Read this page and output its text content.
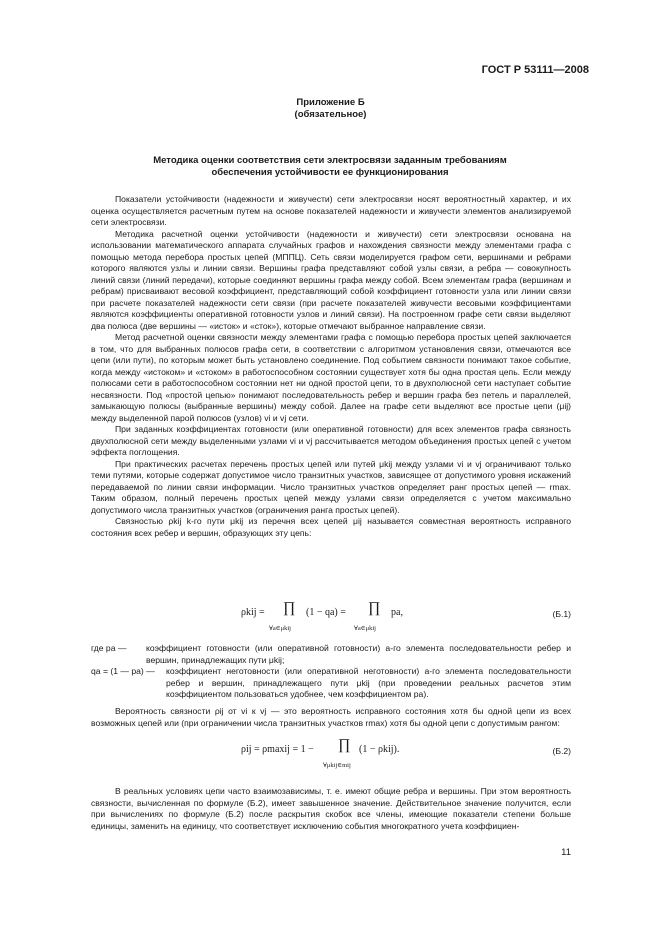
ГОСТ Р 53111—2008
Приложение Б
(обязательное)
Методика оценки соответствия сети электросвязи заданным требованиям
обеспечения устойчивости ее функционирования

Показатели устойчивости (надежности и живучести) сети электросвязи носят вероятностный характер, и их оценка осуществляется расчетным путем на основе показателей надежности и живучести элементов анализируемой сети электросвязи.

Методика расчетной оценки устойчивости (надежности и живучести) сети электросвязи основана на использовании математического аппарата случайных графов и нахождения связности между элементами графа с помощью метода перебора простых цепей (МППЦ). Сеть связи моделируется графом сети, вершинами и ребрами которого являются узлы и линии связи. Вершины графа представляют собой узлы связи, а ребра — совокупность линий связи (линий передачи), которые соединяют вершины графа между собой. Всем элементам графа (вершинам и ребрам) присваивают весовой коэффициент, представляющий собой коэффициент готовности узла или линии связи при расчете показателей надежности сети связи (при расчете показателей живучести весовыми коэффициентами являются коэффициенты оперативной готовности узлов и линий связи). На построенном графе сети связи выделяют два полюса (две вершины — «исток» и «сток»), которые отмечают выбранное направление связи.

Метод расчетной оценки связности между элементами графа с помощью перебора простых цепей заключается в том, что для выбранных полюсов графа сети, в соответствии с алгоритмом установления связи, отмечаются все цепи (или пути), по которым может быть установлено соединение. Под событием связности понимают такое событие, когда между «истоком» и «стоком» в работоспособном состоянии существует хотя бы одна простая цепь. Если между полюсами сети в работоспособном состоянии нет ни одной простой цепи, то в двухполюсной сети наступает событие несвязности. Под «простой цепью» понимают последовательность ребер и вершин графа без петель и параллелей, замыкающую полюсы (выбранные вершины) между собой. Далее на графе сети выделяют все простые цепи (μij) между выделенной парой полюсов (узлов) vi и vj сети.

При заданных коэффициентах готовности (или оперативной готовности) для всех элементов графа связность двухполюсной сети между выделенными узлами vi и vj рассчитывается методом объединения простых цепей с учетом эффекта поглощения.

При практических расчетах перечень простых цепей или путей μkij между узлами vi и vj ограничивают только теми путями, которые содержат допустимое число транзитных участков, зависящее от допустимого уровня искажений передаваемой по линии связи информации. Число транзитных участков определяет ранг простых цепей — rmax. Таким образом, полный перечень простых цепей между узлами связи определяется с учетом максимально допустимого числа транзитных участков (ограничения ранга простых цепей).

Связностью ρkij k-го пути μkij из перечня всех цепей μij называется совместная вероятность исправного состояния всех ребер и вершин, образующих эту цепь:

ρkij = ∏
∀a∈μkij
(1 − qa) = ∏
∀a∈μkij
pa,	(Б.1)
где pa —	коэффициент готовности (или оперативной готовности) a-го элемента последовательности ребер и вершин, принадлежащих пути μkij;
qa = (1 — pa) —	коэффициент неготовности (или оперативной неготовности) a-го элемента последовательности ребер и вершин, принадлежащего пути μkij (при проведении реальных расчетов этим коэффициентом пользоваться удобнее, чем коэффициентом pa).

Вероятность связности ρij от vi к vj — это вероятность исправного состояния хотя бы одной цепи из всех возможных цепей или (при ограничении числа транзитных участков rmax) хотя бы одной цепи с допустимым рангом:

ρij = ρmaxij = 1 − ∏
∀μkij∈mij
(1 − ρkij).	(Б.2)

В реальных условиях цепи часто взаимозависимы, т. е. имеют общие ребра и вершины. При этом вероятность связности, вычисленная по формуле (Б.2), имеет завышенное значение. Действительное значение получится, если при вычислениях по формуле (Б.2) после раскрытия скобок все члены, имеющие показатели степени больше единицы, заменить на единицу, что соответствует исключению события многократного учета коэффициен-

11
